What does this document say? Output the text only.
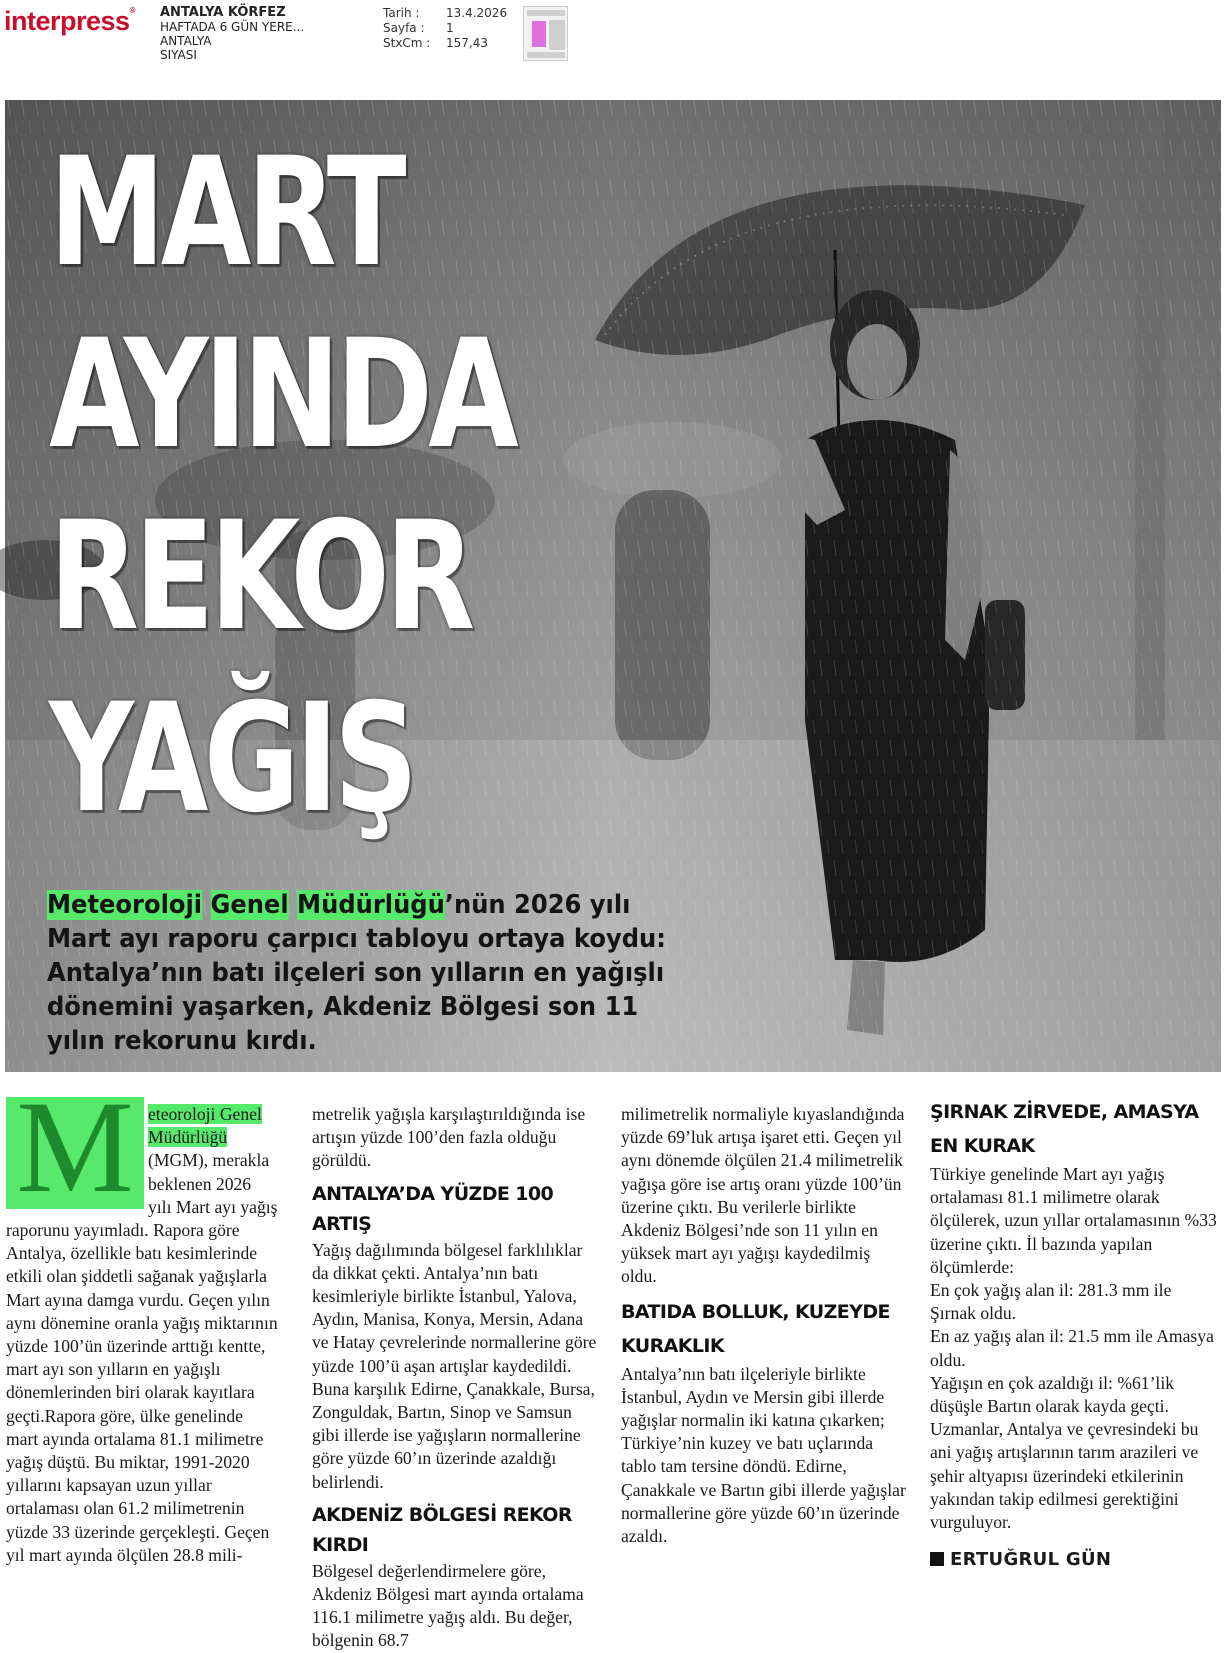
interpress® ANTALYA KÖRFEZ
HAFTADA 6 GÜN YERE...
ANTALYA
SIYASI
Tarih :
Sayfa :
StxCm :
13.4.2026
1
157,43
MART
AYINDA
REKOR
YAĞIŞ
Meteoroloji Genel Müdürlüğü’nün 2026 yılı Mart ayı raporu çarpıcı tabloyu ortaya koydu: Antalya’nın batı ilçeleri son yılların en yağışlı dönemini yaşarken, Akdeniz Bölgesi son 11 yılın rekorunu kırdı.
M eteoroloji Genel Müdürlüğü (MGM), merakla beklenen 2026 yılı Mart ayı yağış raporunu yayımladı. Rapora göre Antalya, özellikle batı kesimlerinde etkili olan şiddetli sağanak yağışlarla Mart ayına damga vurdu. Geçen yılın aynı dönemine oranla yağış miktarının yüzde 100’ün üzerinde arttığı kentte, mart ayı son yılların en yağışlı dönemlerinden biri olarak kayıtlara geçti.Rapora göre, ülke genelinde mart ayında ortalama 81.1 milimetre yağış düştü. Bu miktar, 1991-2020 yıllarını kapsayan uzun yıllar ortalaması olan 61.2 milimetrenin yüzde 33 üzerinde gerçekleşti. Geçen yıl mart ayında ölçülen 28.8 mili-

metrelik yağışla karşılaştırıldığında ise artışın yüzde 100’den fazla olduğu görüldü.

ANTALYA’DA YÜZDE 100 ARTIŞ

Yağış dağılımında bölgesel farklılıklar da dikkat çekti. Antalya’nın batı kesimleriyle birlikte İstanbul, Yalova, Aydın, Manisa, Konya, Mersin, Adana ve Hatay çevrelerinde normallerine göre yüzde 100’ü aşan artışlar kaydedildi. Buna karşılık Edirne, Çanakkale, Bursa, Zonguldak, Bartın, Sinop ve Samsun gibi illerde ise yağışların normallerine göre yüzde 60’ın üzerinde azaldığı belirlendi.

AKDENİZ BÖLGESİ REKOR KIRDI

Bölgesel değerlendirmelere göre, Akdeniz Bölgesi mart ayında ortalama 116.1 milimetre yağış aldı. Bu değer, bölgenin 68.7

milimetrelik normaliyle kıyaslandığında yüzde 69’luk artışa işaret etti. Geçen yıl aynı dönemde ölçülen 21.4 milimetrelik yağışa göre ise artış oranı yüzde 100’ün üzerine çıktı. Bu verilerle birlikte Akdeniz Bölgesi’nde son 11 yılın en yüksek mart ayı yağışı kaydedilmiş oldu.

BATIDA BOLLUK, KUZEYDE KURAKLIK

Antalya’nın batı ilçeleriyle birlikte İstanbul, Aydın ve Mersin gibi illerde yağışlar normalin iki katına çıkarken; Türkiye’nin kuzey ve batı uçlarında tablo tam tersine döndü. Edirne, Çanakkale ve Bartın gibi illerde yağışlar normallerine göre yüzde 60’ın üzerinde azaldı.

ŞIRNAK ZİRVEDE, AMASYA EN KURAK

Türkiye genelinde Mart ayı yağış ortalaması 81.1 milimetre olarak ölçülerek, uzun yıllar ortalamasının %33 üzerine çıktı. İl bazında yapılan ölçümlerde:

En çok yağış alan il: 281.3 mm ile Şırnak oldu.

En az yağış alan il: 21.5 mm ile Amasya oldu.

Yağışın en çok azaldığı il: %61’lik düşüşle Bartın olarak kayda geçti.

Uzmanlar, Antalya ve çevresindeki bu ani yağış artışlarının tarım arazileri ve şehir altyapısı üzerindeki etkilerinin yakından takip edilmesi gerektiğini vurguluyor.

ERTUĞRUL GÜN
